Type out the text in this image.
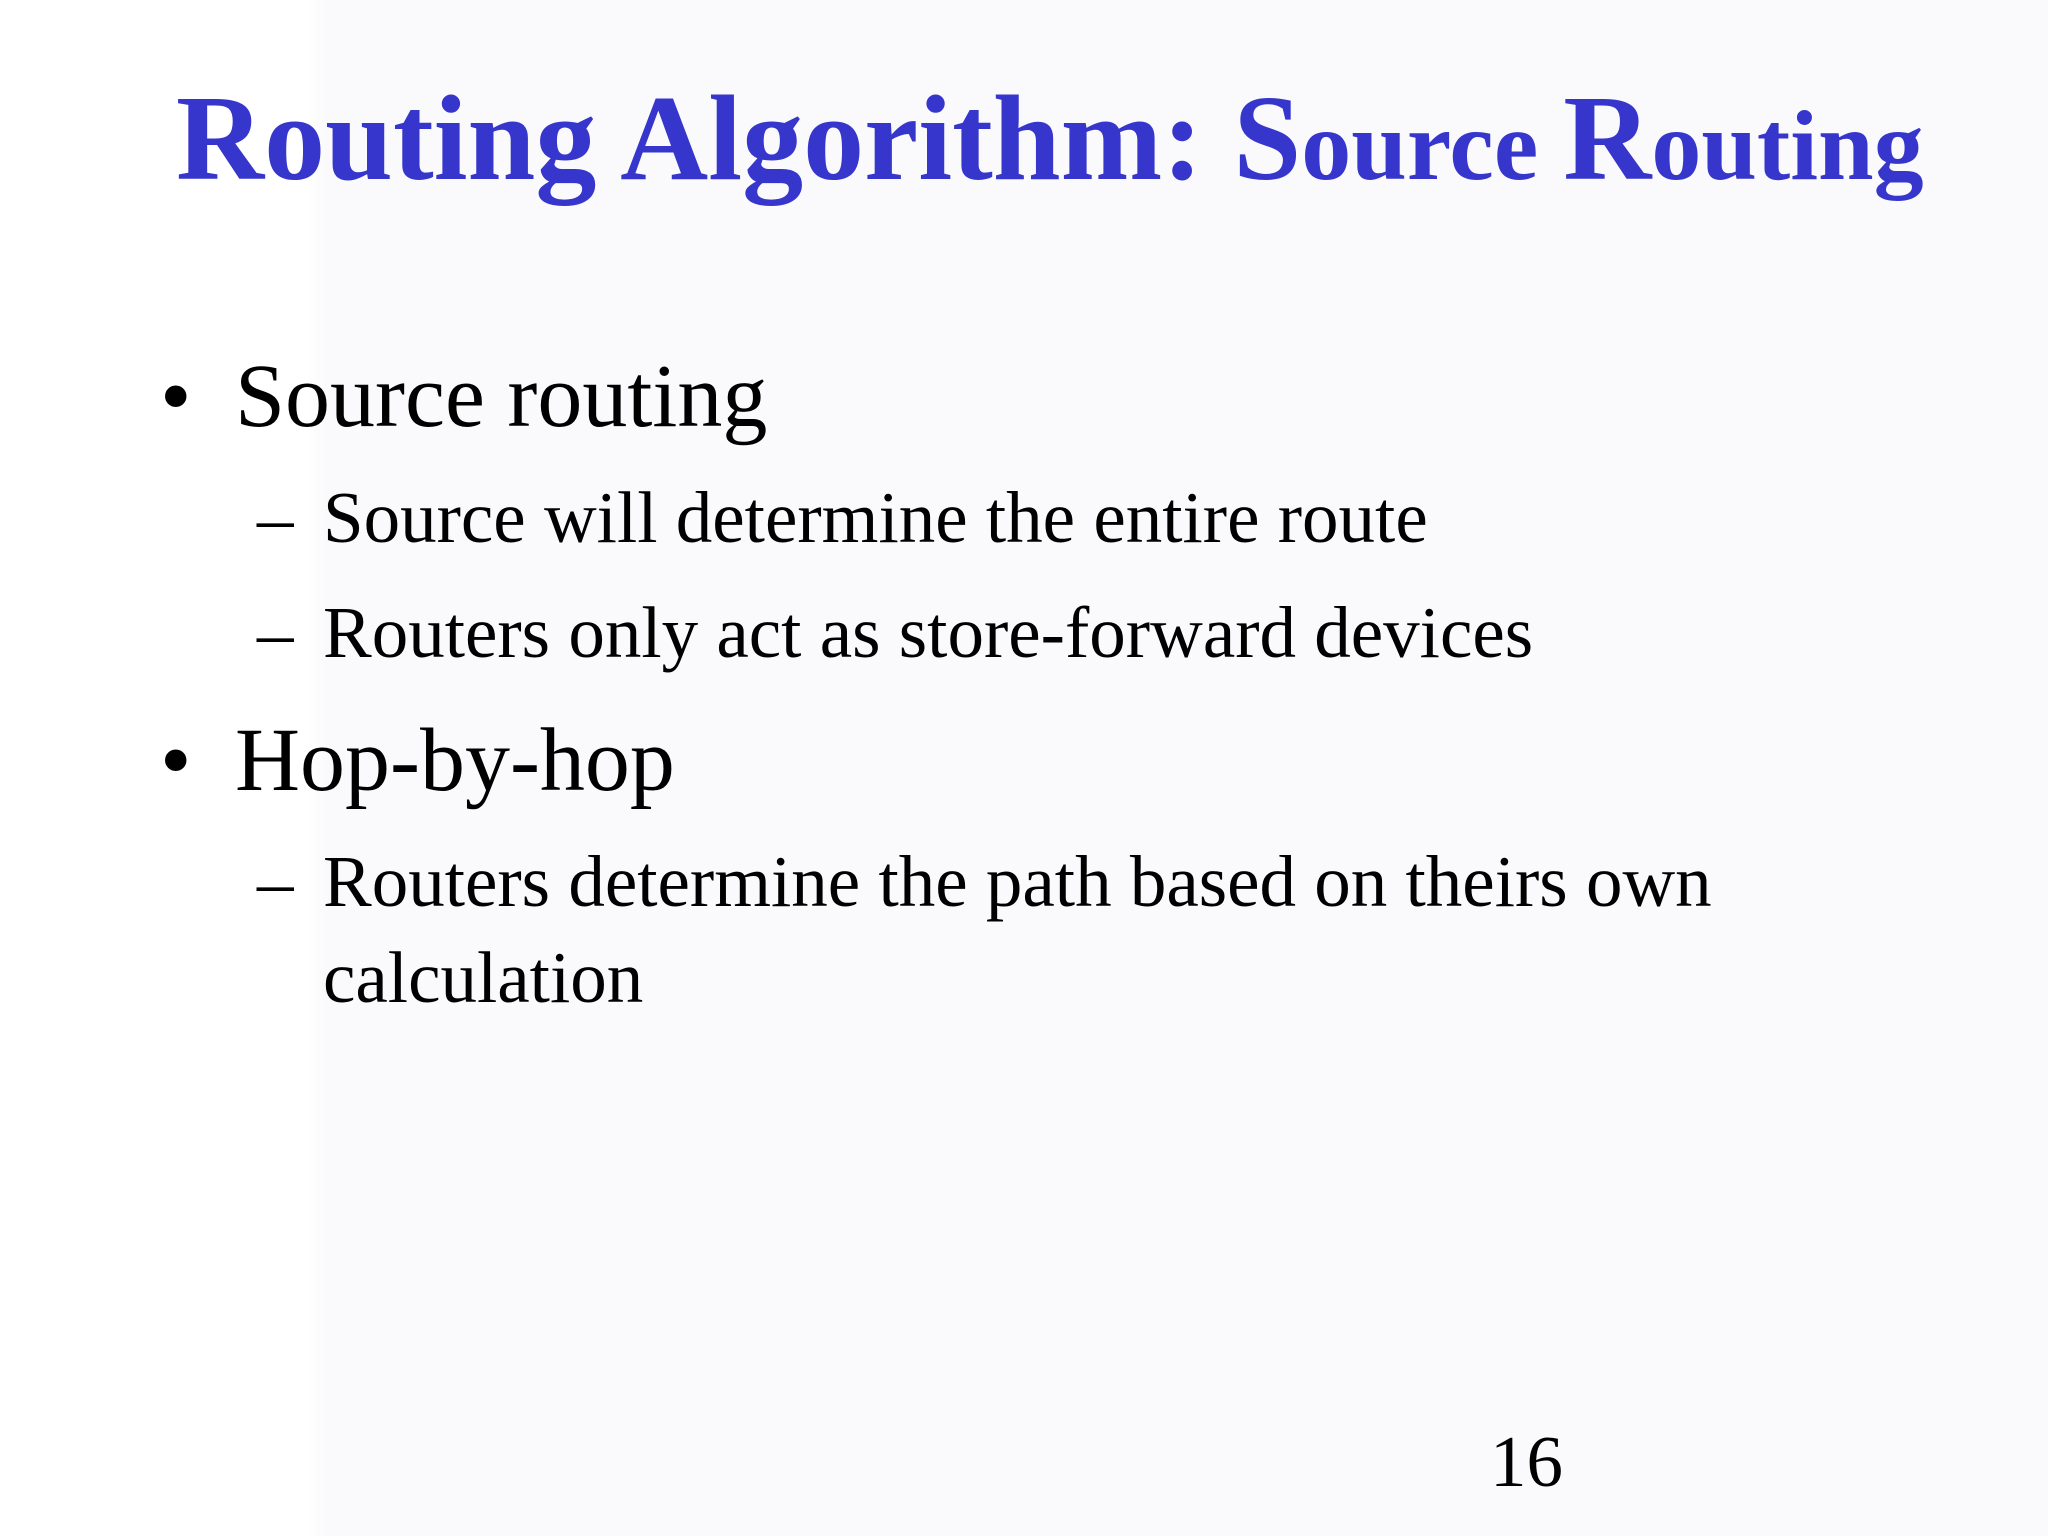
Routing Algorithm: Source Routing
• Source routing
– Source will determine the entire route
– Routers only act as store-forward devices
• Hop-by-hop
– Routers determine the path based on theirs own
calculation
16
